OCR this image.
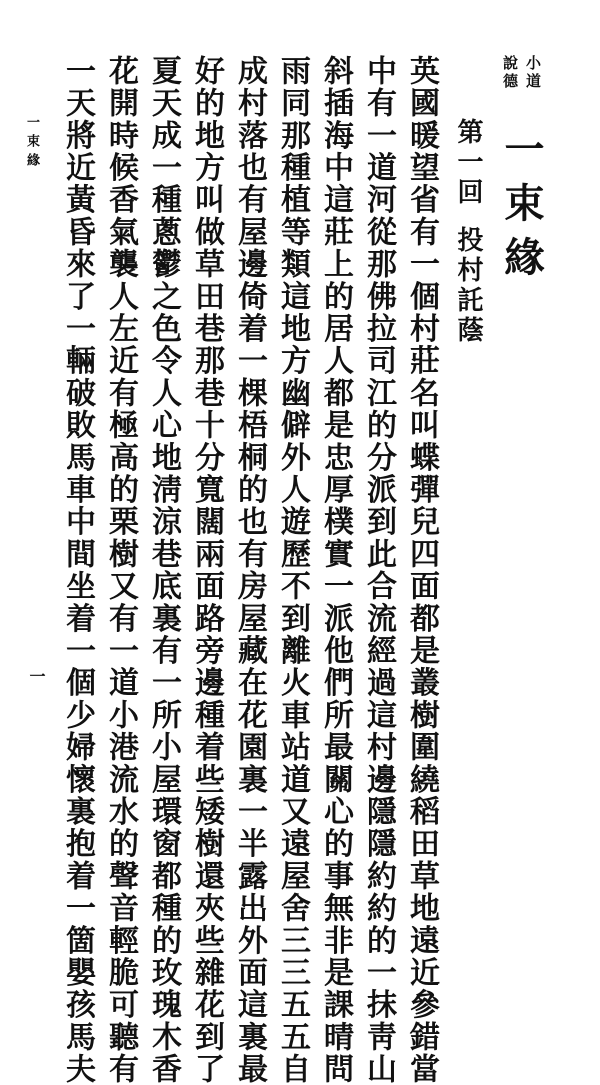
小道
說德
一束緣
第一回
投村託蔭
英國暖望省有一個村莊名叫蝶彈兒四面都是叢樹圍繞稻田草地遠近參錯當
中有一道河從那佛拉司江的分派到此合流經過這村邊隱隱約約的一抹靑山
斜插海中這莊上的居人都是忠厚樸實一派他們所最關心的事無非是課晴問
雨同那種植等類這地方幽僻外人遊歷不到離火車站道又遠屋舍三三五五自
成村落也有屋邊倚着一棵梧桐的也有房屋藏在花園裏一半露出外面這裏最
好的地方叫做草田巷那巷十分寬闊兩面路旁邊種着些矮樹還夾些雜花到了
夏天成一種蔥鬱之色令人心地淸涼巷底裏有一所小屋環窗都種的玫瑰木香
花開時候香氣襲人左近有極高的栗樹又有一道小港流水的聲音輕脆可聽有
一天將近黃昏來了一輛破敗馬車中間坐着一個少婦懷裏抱着一箇嬰孩馬夫
一束緣
一
